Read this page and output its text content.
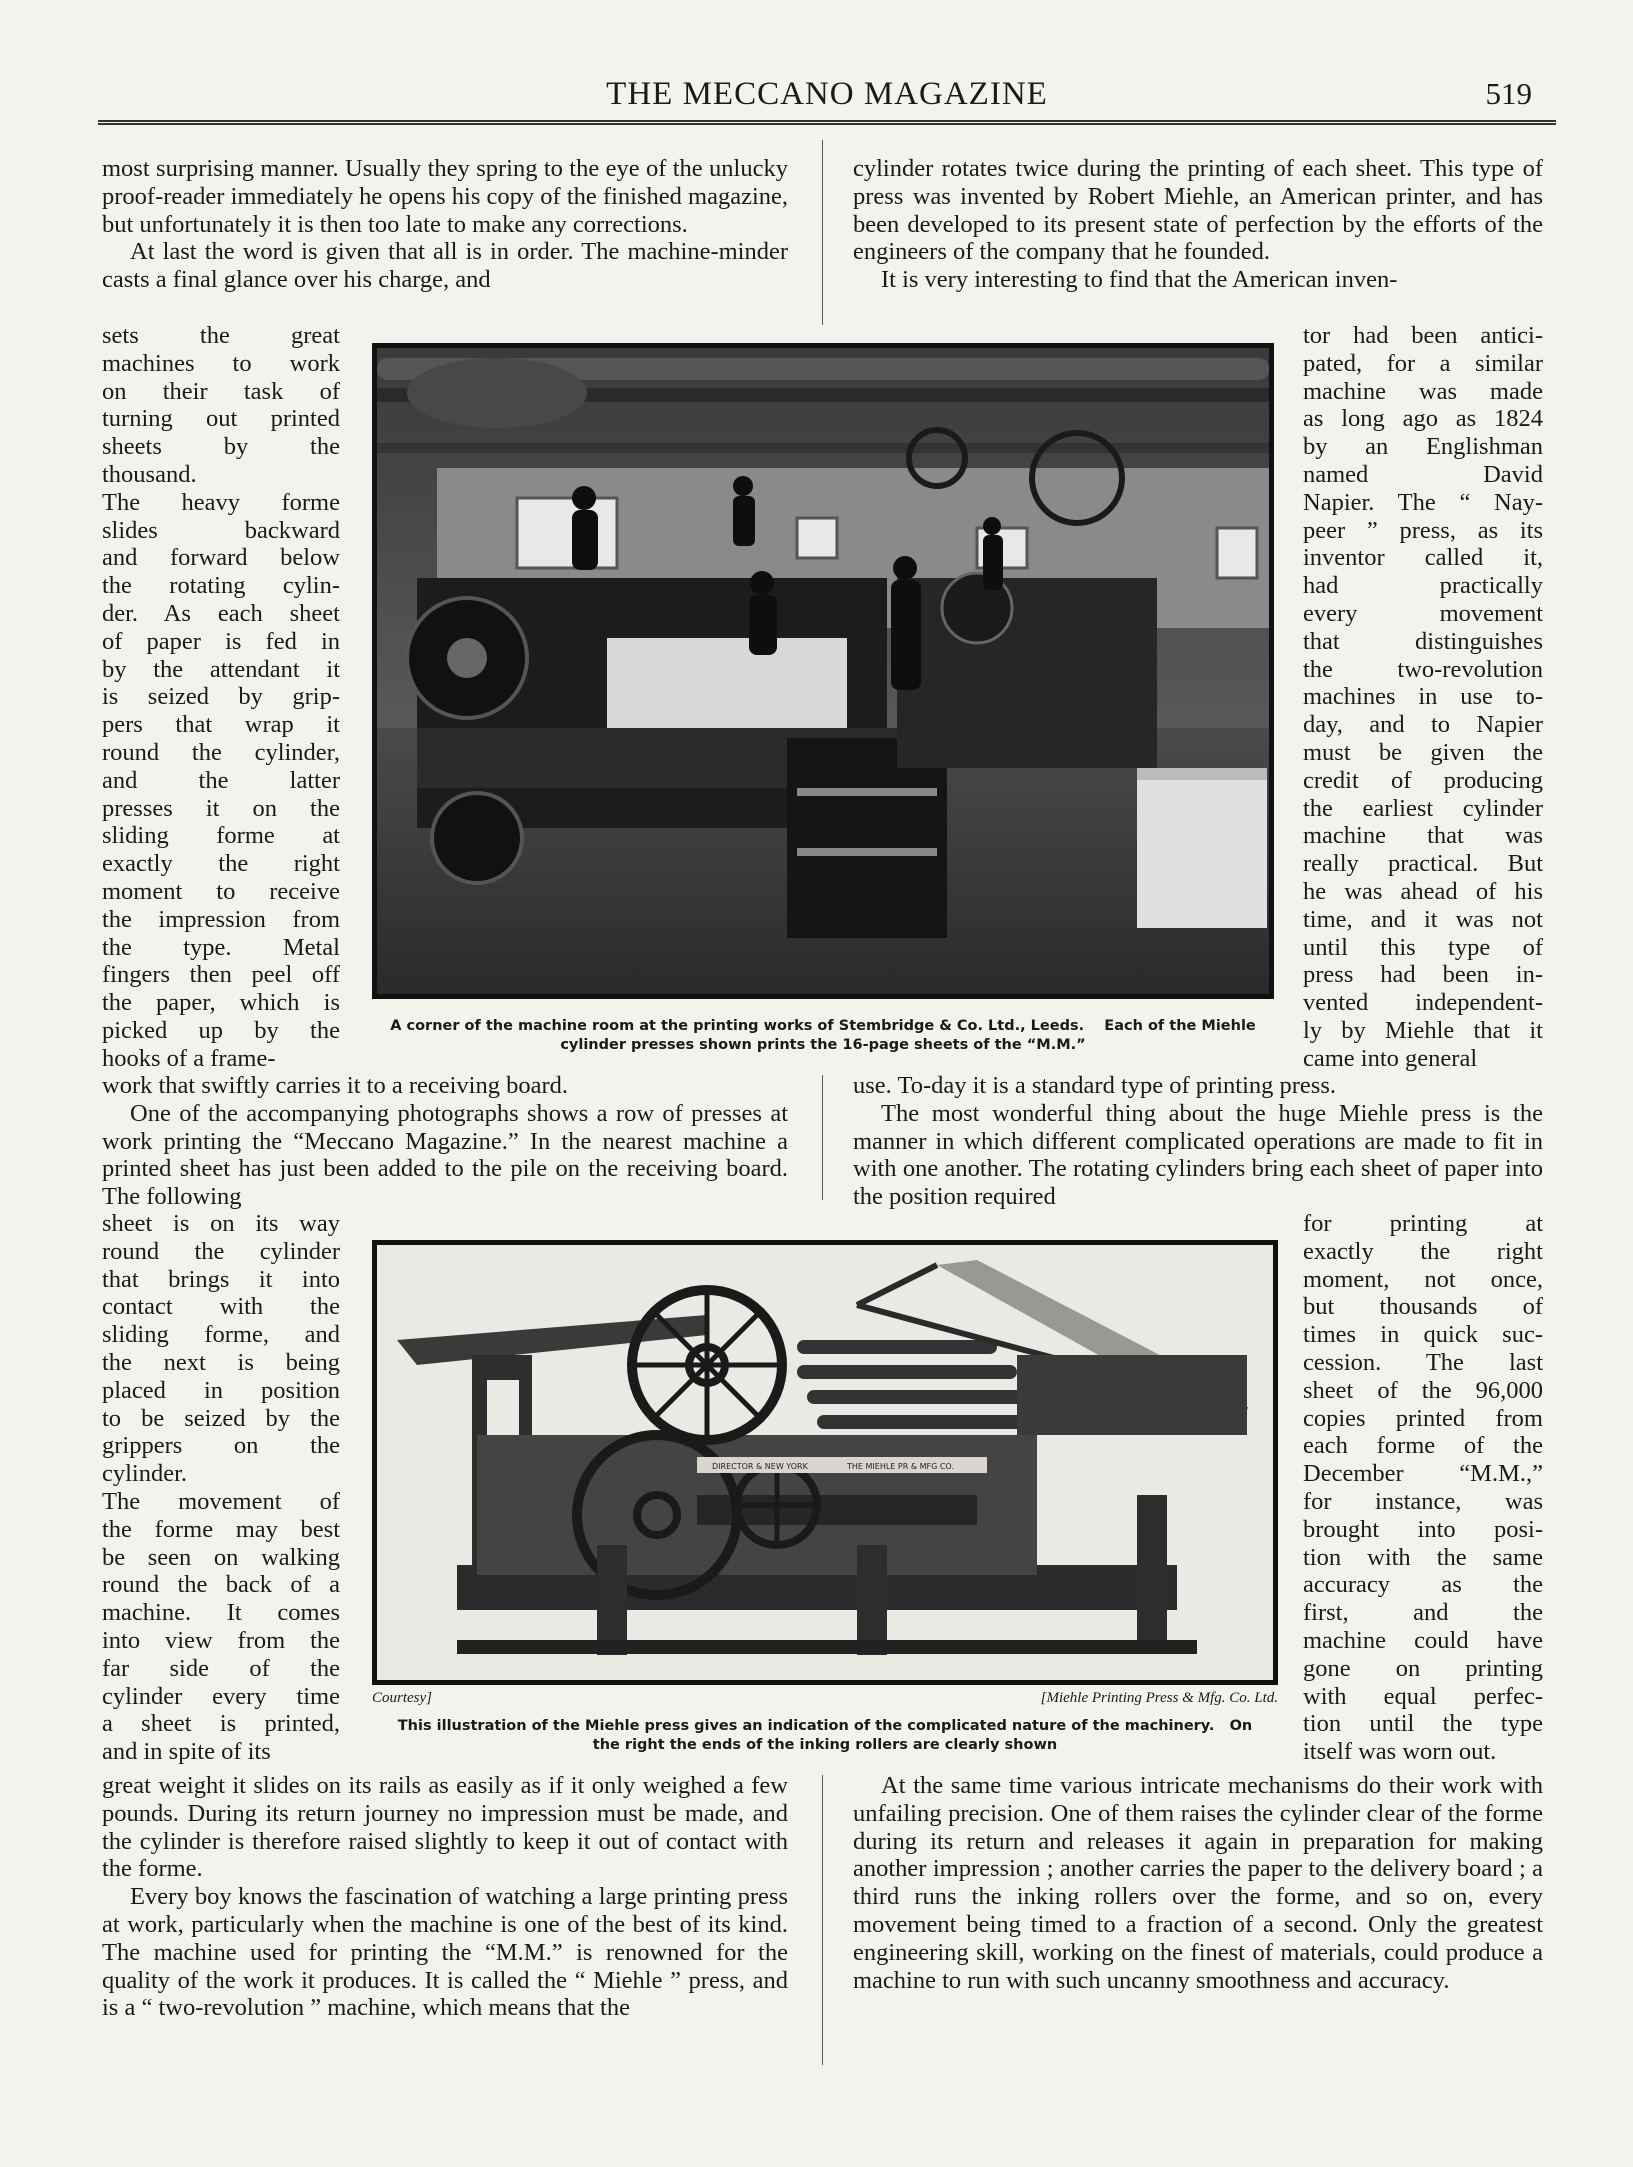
THE MECCANO MAGAZINE	519

most surprising manner. Usually they spring to the eye of the unlucky proof-reader immediately he opens his copy of the finished magazine, but unfortunately it is then too late to make any corrections.

At last the word is given that all is in order. The machine-minder casts a final glance over his charge, and

sets the great
machines to work
on their task of
turning out printed
sheets by the
thousand.
The heavy forme
slides backward
and forward below
the rotating cylin-
der. As each sheet
of paper is fed in
by the attendant it
is seized by grip-
pers that wrap it
round the cylinder,
and the latter
presses it on the
sliding forme at
exactly the right
moment to receive
the impression from
the type. Metal
fingers then peel off
the paper, which is
picked up by the
hooks of a frame-

work that swiftly carries it to a receiving board.

One of the accompanying photographs shows a row of presses at work printing the “Meccano Magazine.” In the nearest machine a printed sheet has just been added to the pile on the receiving board. The following

sheet is on its way
round the cylinder
that brings it into
contact with the
sliding forme, and
the next is being
placed in position
to be seized by the
grippers on the
cylinder.
The movement of
the forme may best
be seen on walking
round the back of a
machine. It comes
into view from the
far side of the
cylinder every time
a sheet is printed,
and in spite of its

great weight it slides on its rails as easily as if it only weighed a few pounds. During its return journey no impression must be made, and the cylinder is therefore raised slightly to keep it out of contact with the forme.

Every boy knows the fascination of watching a large printing press at work, particularly when the machine is one of the best of its kind. The machine used for printing the “M.M.” is renowned for the quality of the work it produces. It is called the “ Miehle ” press, and is a “ two-revolution ” machine, which means that the

cylinder rotates twice during the printing of each sheet. This type of press was invented by Robert Miehle, an American printer, and has been developed to its present state of perfection by the efforts of the engineers of the company that he founded.

It is very interesting to find that the American inven-

tor had been antici-
pated, for a similar
machine was made
as long ago as 1824
by an Englishman
named David
Napier. The “ Nay-
peer ” press, as its
inventor called it,
had practically
every movement
that distinguishes
the two-revolution
machines in use to-
day, and to Napier
must be given the
credit of producing
the earliest cylinder
machine that was
really practical. But
he was ahead of his
time, and it was not
until this type of
press had been in-
vented independent-
ly by Miehle that it
came into general

use. To-day it is a standard type of printing press.

The most wonderful thing about the huge Miehle press is the manner in which different complicated operations are made to fit in with one another. The rotating cylinders bring each sheet of paper into the position required

for printing at
exactly the right
moment, not once,
but thousands of
times in quick suc-
cession. The last
sheet of the 96,000
copies printed from
each forme of the
December “M.M.,”
for instance, was
brought into posi-
tion with the same
accuracy as the
first, and the
machine could have
gone on printing
with equal perfec-
tion until the type
itself was worn out.

At the same time various intricate mechanisms do their work with unfailing precision. One of them raises the cylinder clear of the forme during its return and releases it again in preparation for making another impression ; another carries the paper to the delivery board ; a third runs the inking rollers over the forme, and so on, every movement being timed to a fraction of a second. Only the greatest engineering skill, working on the finest of materials, could produce a machine to run with such uncanny smoothness and accuracy.

A corner of the machine room at the printing works of Stembridge & Co. Ltd., Leeds.    Each of the Miehle
cylinder presses shown prints the 16-page sheets of the “M.M.”
DIRECTOR & NEW YORK	THE MIEHLE PR & MFG CO.
Courtesy]	[Miehle Printing Press & Mfg. Co. Ltd.
This illustration of the Miehle press gives an indication of the complicated nature of the machinery.   On
the right the ends of the inking rollers are clearly shown
